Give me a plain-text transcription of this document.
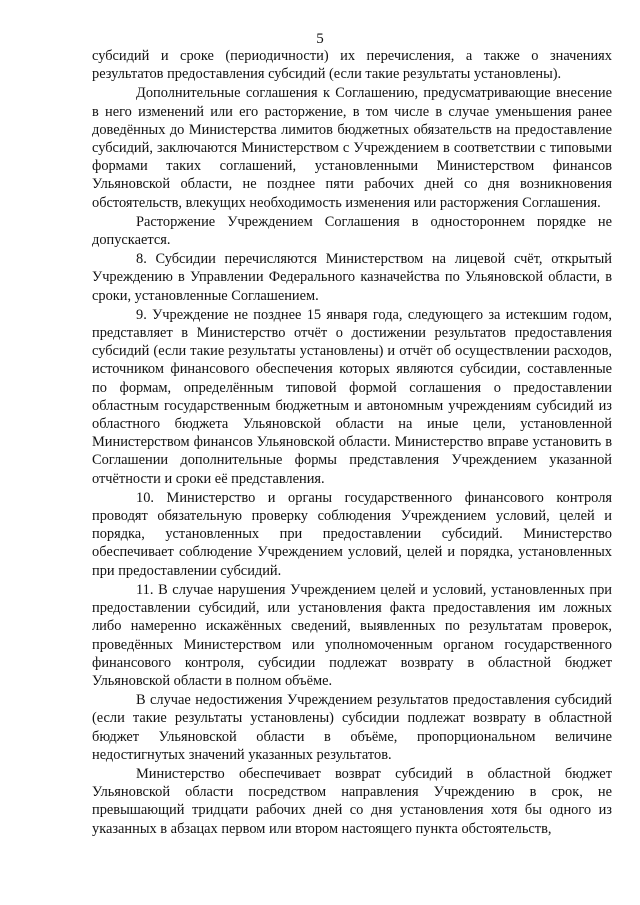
5

субсидий и сроке (периодичности) их перечисления, а также о значениях результатов предоставления субсидий (если такие результаты установлены).

Дополнительные соглашения к Соглашению, предусматривающие внесение в него изменений или его расторжение, в том числе в случае уменьшения ранее доведённых до Министерства лимитов бюджетных обязательств на предоставление субсидий, заключаются Министерством с Учреждением в соответствии с типовыми формами таких соглашений, установленными Министерством финансов Ульяновской области, не позднее пяти рабочих дней со дня возникновения обстоятельств, влекущих необходимость изменения или расторжения Соглашения.

Расторжение Учреждением Соглашения в одностороннем порядке не допускается.

8. Субсидии перечисляются Министерством на лицевой счёт, открытый Учреждению в Управлении Федерального казначейства по Ульяновской области, в сроки, установленные Соглашением.

9. Учреждение не позднее 15 января года, следующего за истекшим годом, представляет в Министерство отчёт о достижении результатов предоставления субсидий (если такие результаты установлены) и отчёт об осуществлении расходов, источником финансового обеспечения которых являются субсидии, составленные по формам, определённым типовой формой соглашения о предоставлении областным государственным бюджетным и автономным учреждениям субсидий из областного бюджета Ульяновской области на иные цели, установленной Министерством финансов Ульяновской области. Министерство вправе установить в Соглашении дополнительные формы представления Учреждением указанной отчётности и сроки её представления.

10. Министерство и органы государственного финансового контроля проводят обязательную проверку соблюдения Учреждением условий, целей и порядка, установленных при предоставлении субсидий. Министерство обеспечивает соблюдение Учреждением условий, целей и порядка, установленных при предоставлении субсидий.

11. В случае нарушения Учреждением целей и условий, установленных при предоставлении субсидий, или установления факта предоставления им ложных либо намеренно искажённых сведений, выявленных по результатам проверок, проведённых Министерством или уполномоченным органом государственного финансового контроля, субсидии подлежат возврату в областной бюджет Ульяновской области в полном объёме.

В случае недостижения Учреждением результатов предоставления субсидий (если такие результаты установлены) субсидии подлежат возврату в областной бюджет Ульяновской области в объёме, пропорциональном величине недостигнутых значений указанных результатов.

Министерство обеспечивает возврат субсидий в областной бюджет Ульяновской области посредством направления Учреждению в срок, не превышающий тридцати рабочих дней со дня установления хотя бы одного из указанных в абзацах первом или втором настоящего пункта обстоятельств,
